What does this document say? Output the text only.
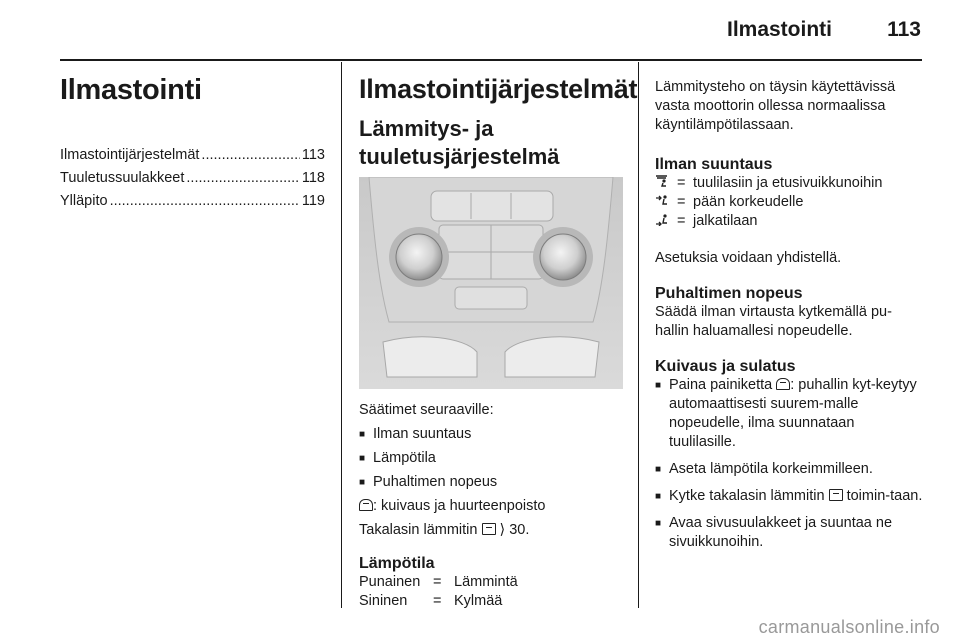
Ilmastointi	113
Ilmastointi
Ilmastointijärjestelmät .....	113
Tuuletussuulakkeet .....	118
Ylläpito .....	119
Ilmastointijärjestelmät
Lämmitys- ja
tuuletusjärjestelmä

Säätimet seuraaville:

■ Ilman suuntaus
■ Lämpötila
■ Puhaltimen nopeus

: kuivaus ja huurteenpoisto

Takalasin lämmitin ⟩ 30.

Lämpötila
Punainen = Lämmintä
Sininen	= Kylmää

Lämmitysteho on täysin käytettävissä vasta moottorin ollessa normaalissa käyntilämpötilassaan.

Ilman suuntaus
= tuulilasiin ja etusivuikkunoihin
= pään korkeudelle
= jalkatilaan

Asetuksia voidaan yhdistellä.

Puhaltimen nopeus

Säädä ilman virtausta kytkemällä pu-hallin haluamallesi nopeudelle.

Kuivaus ja sulatus
■ Paina painiketta : puhallin kyt-keytyy automaattisesti suurem-malle nopeudelle, ilma suunnataan tuulilasille.
■ Aseta lämpötila korkeimmilleen.
■ Kytke takalasin lämmitin toimin-taan.
■ Avaa sivusuulakkeet ja suuntaa ne sivuikkunoihin.
carmanualsonline.info
